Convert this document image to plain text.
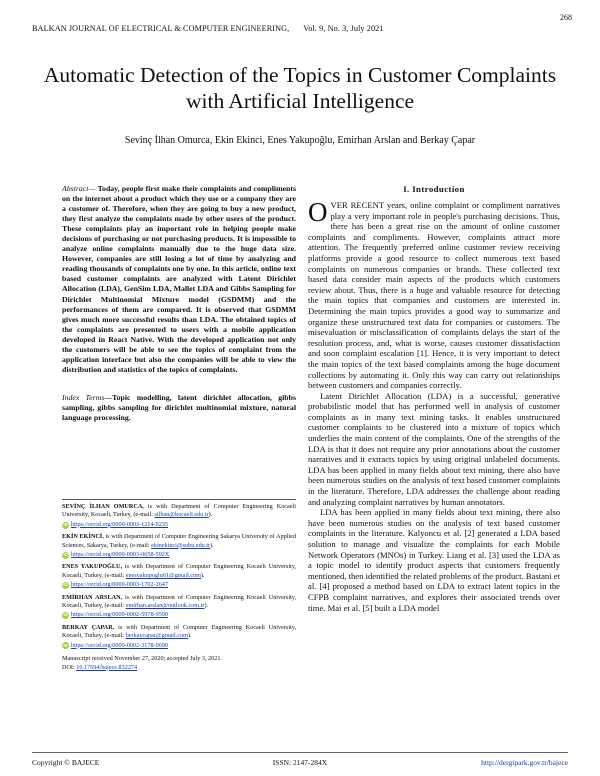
268
BALKAN JOURNAL OF ELECTRICAL & COMPUTER ENGINEERING, Vol. 9, No. 3, July 2021
Automatic Detection of the Topics in Customer Complaints with Artificial Intelligence
Sevinç İlhan Omurca, Ekin Ekinci, Enes Yakupoğlu, Emirhan Arslan and Berkay Çapar

Abstract— Today, people first make their complaints and compliments on the internet about a product which they use or a company they are a customer of. Therefore, when they are going to buy a new product, they first analyze the complaints made by other users of the product. These complaints play an important role in helping people make decisions of purchasing or not purchasing products. It is impossible to analyze online complaints manually due to the huge data size. However, companies are still losing a lot of time by analyzing and reading thousands of complaints one by one. In this article, online text based customer complaints are analyzed with Latent Dirichlet Allocation (LDA), GenSim LDA, Mallet LDA and Gibbs Sampling for Dirichlet Multinomial Mixture model (GSDMM) and the performances of them are compared. It is observed that GSDMM gives much more successful results than LDA. The obtained topics of the complaints are presented to users with a mobile application developed in React Native. With the developed application not only the customers will be able to see the topics of complaint from the application interface but also the companies will be able to view the distribution and statistics of the topics of complaints.

Index Terms—Topic modelling, latent dirichlet allocation, gibbs sampling, gibbs sampling for dirichlet multinomial mixture, natural language processing.

SEVİNÇ İLHAN OMURCA, is with Department of Computer Engineering Kocaeli University, Kocaeli, Turkey, (e-mail: silhan@kocaeli.edu.tr).
iD https://orcid.org/0000-0003-1214-9235
EKİN EKİNCİ, is with Department of Computer Engineering Sakarya University of Applied Sciences, Sakarya, Turkey, (e-mail: ekinekinci@subu.edu.tr).
iD https://orcid.org/0000-0003-0658-592X
ENES YAKUPOĞLU, is with Department of Computer Engineering Kocaeli University, Kocaeli, Turkey, (e-mail: enesyakupoglu61@gmail.com).
iD https://orcid.org/0000-0003-1702-2647
EMİRHAN ARSLAN, is with Department of Computer Engineering Kocaeli University, Kocaeli, Turkey, (e-mail: emirhan.arslan@outlook.com.tr).
iD https://orcid.org/0000-0002-5978-9590
BERKAY ÇAPAR, is with Department of Computer Engineering Kocaeli University, Kocaeli, Turkey, (e-mail: berkaycapar@gmail.com).
iD https://orcid.org/0000-0002-3178-0690
Manuscript received November 27, 2020; accepted July 3, 2021.
DOI: 10.17694/bajece.832274
I. Introduction

OVER RECENT years, online complaint or compliment narratives play a very important role in people's purchasing decisions. Thus, there has been a great rise on the amount of online customer complaints and compliments. However, complaints attract more attention. The frequently preferred online customer review receiving platforms provide a good resource to collect numerous text based complaints on numerous companies or brands. These collected text based data consider main aspects of the products which customers review about. Thus, there is a huge and valuable resource for detecting the main topics that companies and customers are interested in. Determining the main topics provides a good way to summarize and organize these unstructured text data for companies or customers. The misevaluation or misclassification of complaints delays the start of the resolution process, and, what is worse, causes customer dissatisfaction and soon complaint escalation [1]. Hence, it is very important to detect the main topics of the text based complaints among the huge document collections by automating it. Only this way can carry out relationships between customers and companies correctly.

Latent Dirichlet Allocation (LDA) is a successful, generative probabilistic model that has performed well in analysis of customer complaints as in many text mining tasks. It enables unstructured customer complaints to be clustered into a mixture of topics which underlies the main content of the complaints. One of the strengths of the LDA is that it does not require any prior annotations about the customer narratives and it extracts topics by using original unlabeled documents. LDA has been applied in many fields about text mining, there also have been numerous studies on the analysis of text based customer complaints in the literature. Therefore, LDA addresses the challenge about reading and analyzing complaint narratives by human annotators.

LDA has been applied in many fields about text mining, there also have been numerous studies on the analysis of text based customer complaints in the literature. Kalyoncu et al. [2] generated a LDA based solution to manage and visualize the complaints for each Mobile Network Operators (MNOs) in Turkey. Liang et al. [3] used the LDA as a topic model to identify product aspects that customers frequently mentioned, then identified the related problems of the product. Bastani et al. [4] proposed a method based on LDA to extract latent topics in the CFPB complaint narratives, and explores their associated trends over time. Mai et al. [5] built a LDA model

Copyright © BAJECE	ISSN: 2147-284X	http://dergipark.gov.tr/bajece
